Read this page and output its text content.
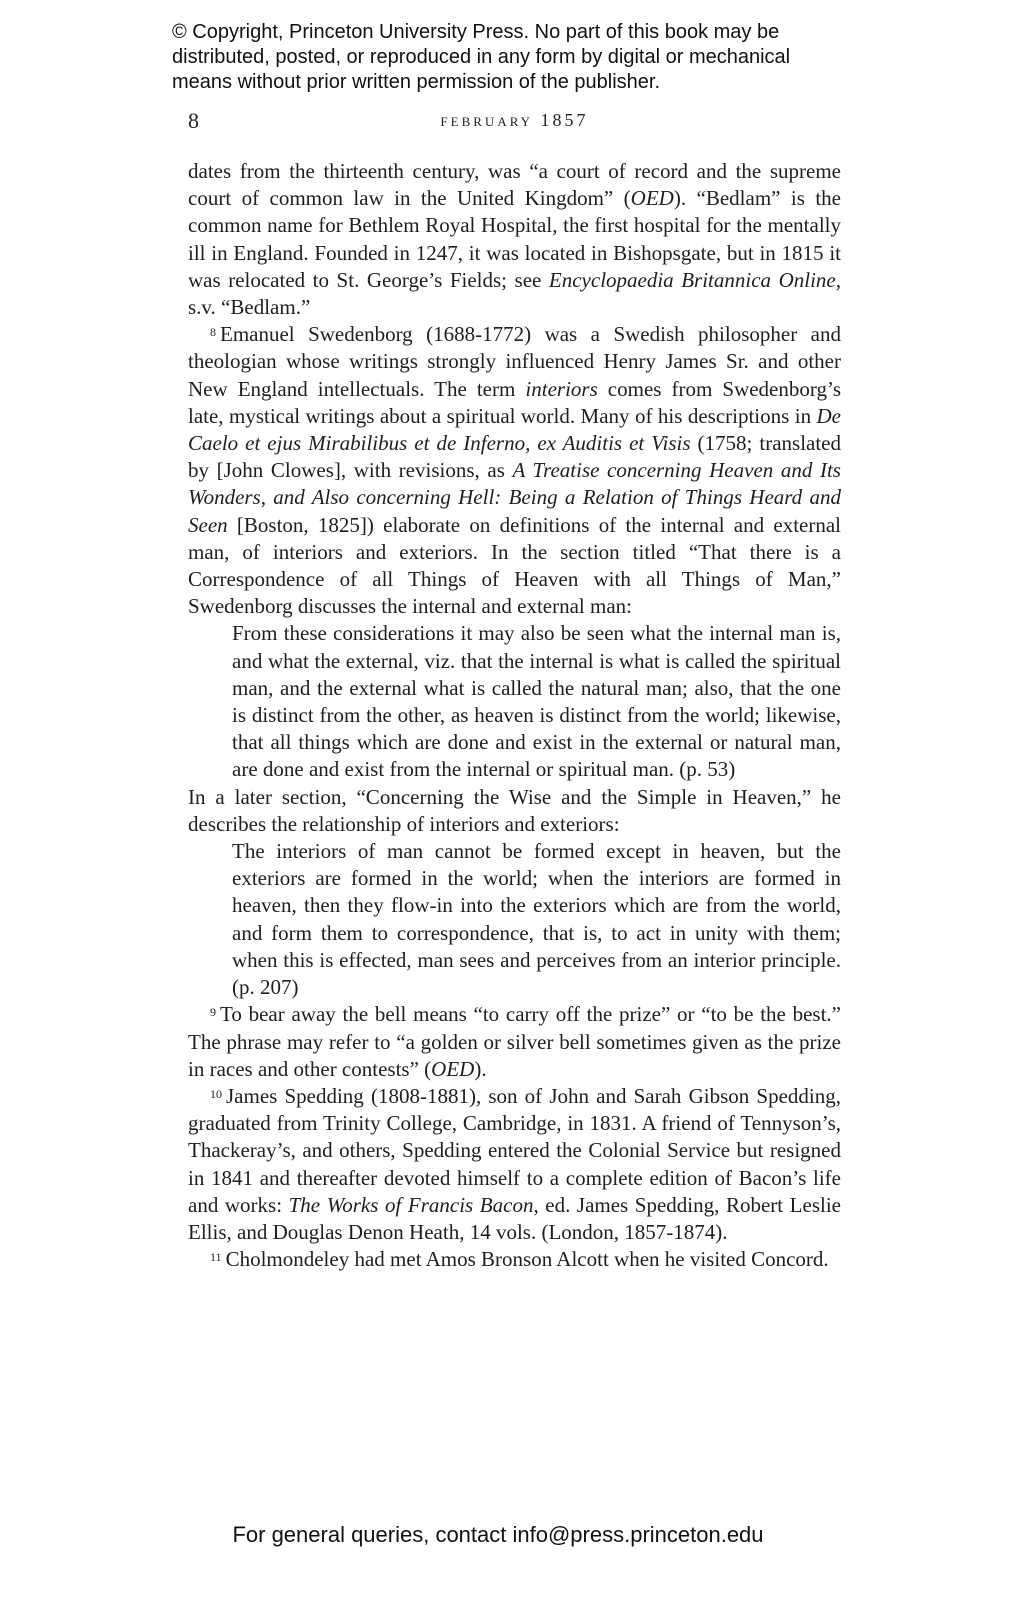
© Copyright, Princeton University Press. No part of this book may be distributed, posted, or reproduced in any form by digital or mechanical means without prior written permission of the publisher.
8	february 1857

dates from the thirteenth century, was “a court of record and the supreme court of common law in the United Kingdom” (OED). “Bedlam” is the common name for Bethlem Royal Hospital, the first hospital for the mentally ill in England. Founded in 1247, it was located in Bishopsgate, but in 1815 it was relocated to St. George’s Fields; see Encyclopaedia Britannica Online, s.v. “Bedlam.”

$^8$ Emanuel Swedenborg (1688-1772) was a Swedish philosopher and theologian whose writings strongly influenced Henry James Sr. and other New England intellectuals. The term interiors comes from Swedenborg’s late, mystical writings about a spiritual world. Many of his descriptions in De Caelo et ejus Mirabilibus et de Inferno, ex Auditis et Visis (1758; translated by [John Clowes], with revisions, as A Treatise concerning Heaven and Its Wonders, and Also concerning Hell: Being a Relation of Things Heard and Seen [Boston, 1825]) elaborate on definitions of the internal and external man, of interiors and exteriors. In the section titled “That there is a Correspondence of all Things of Heaven with all Things of Man,” Swedenborg discusses the internal and external man:

From these considerations it may also be seen what the internal man is, and what the external, viz. that the internal is what is called the spiritual man, and the external what is called the natural man; also, that the one is distinct from the other, as heaven is distinct from the world; likewise, that all things which are done and exist in the external or natural man, are done and exist from the internal or spiritual man. (p. 53)

In a later section, “Concerning the Wise and the Simple in Heaven,” he describes the relationship of interiors and exteriors:

The interiors of man cannot be formed except in heaven, but the exteriors are formed in the world; when the interiors are formed in heaven, then they flow-in into the exteriors which are from the world, and form them to correspondence, that is, to act in unity with them; when this is effected, man sees and perceives from an interior principle. (p. 207)

$^9$ To bear away the bell means “to carry off the prize” or “to be the best.” The phrase may refer to “a golden or silver bell sometimes given as the prize in races and other contests” (OED).

$^{10}$ James Spedding (1808-1881), son of John and Sarah Gibson Spedding, graduated from Trinity College, Cambridge, in 1831. A friend of Tennyson’s, Thackeray’s, and others, Spedding entered the Colonial Service but resigned in 1841 and thereafter devoted himself to a complete edition of Bacon’s life and works: The Works of Francis Bacon, ed. James Spedding, Robert Leslie Ellis, and Douglas Denon Heath, 14 vols. (London, 1857-1874).

$^{11}$ Cholmondeley had met Amos Bronson Alcott when he visited Concord.

For general queries, contact info@press.princeton.edu
